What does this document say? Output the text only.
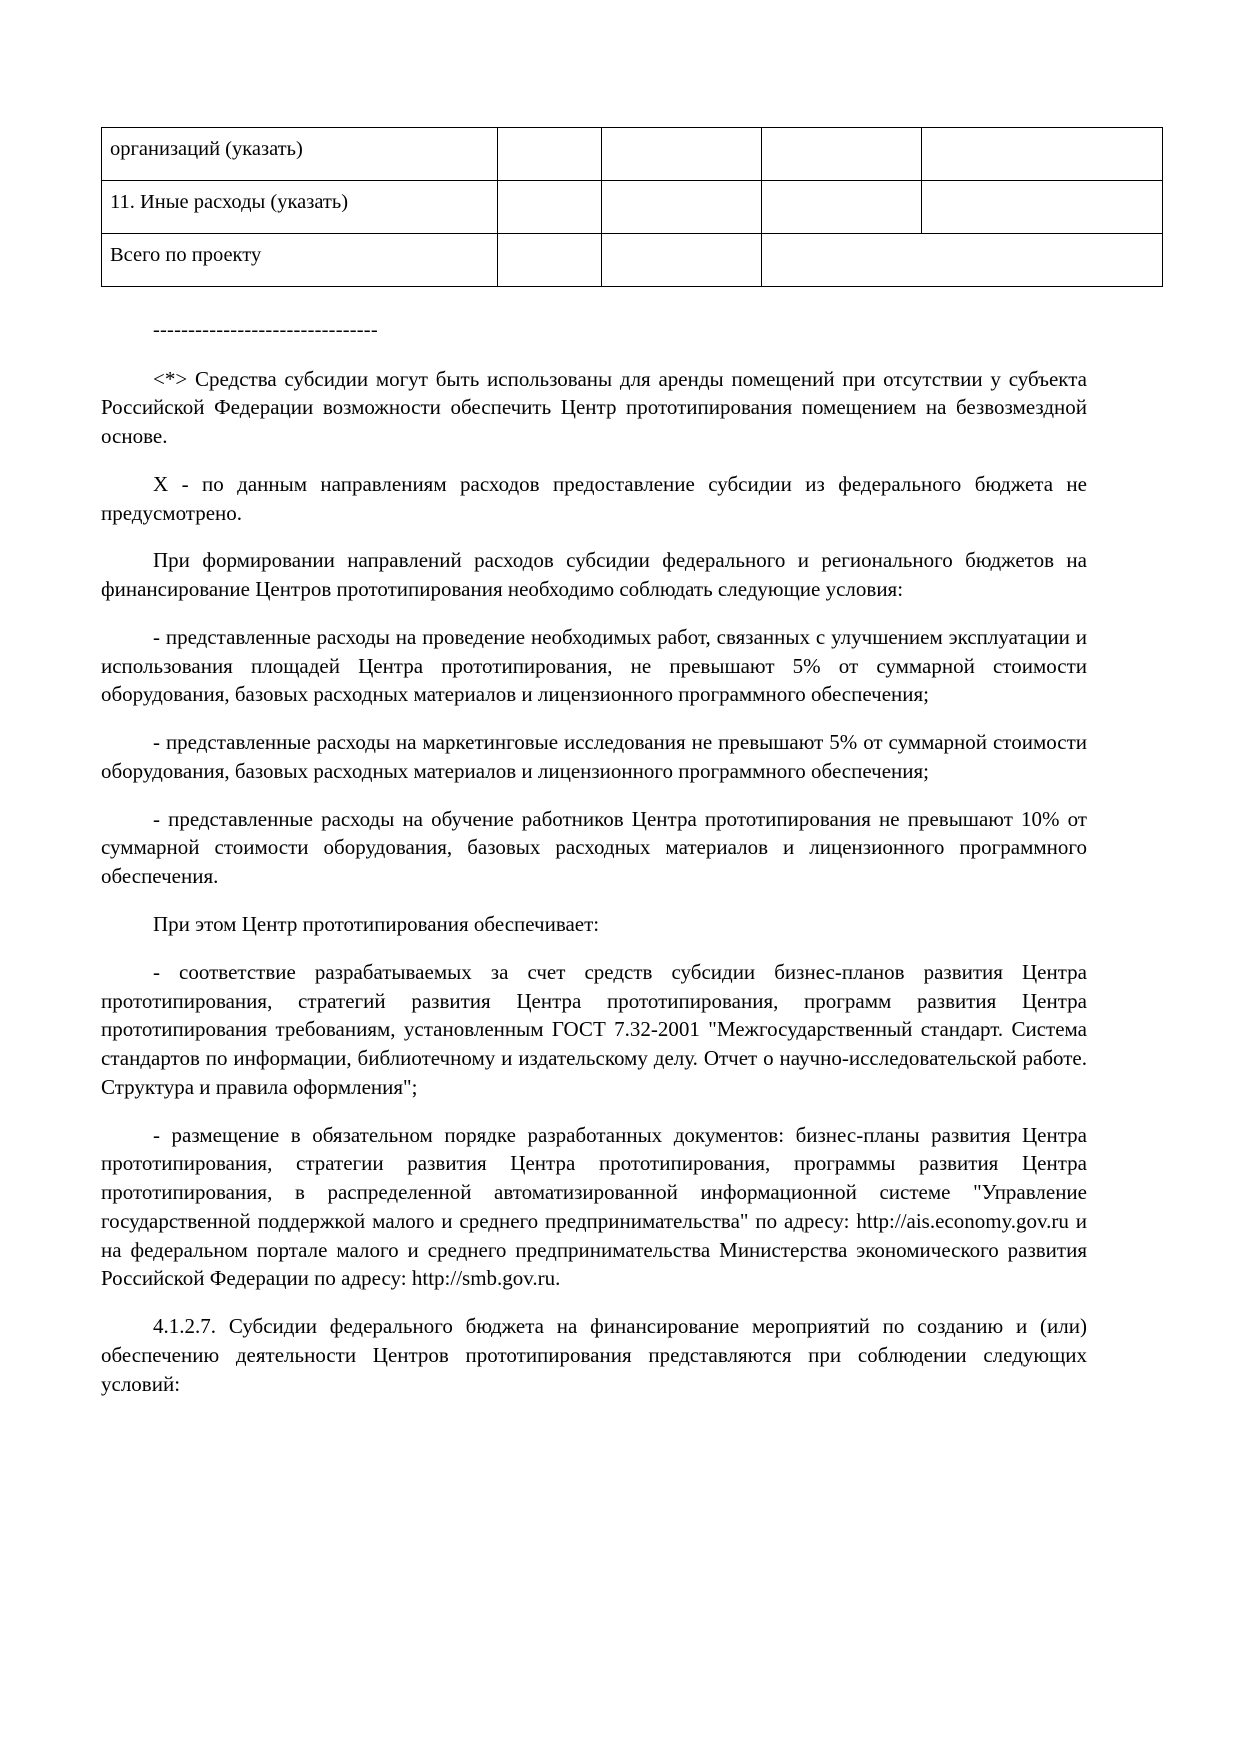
организаций (указать)				
11. Иные расходы (указать)				
Всего по проекту				
--------------------------------

<*> Средства субсидии могут быть использованы для аренды помещений при отсутствии у субъекта Российской Федерации возможности обеспечить Центр прототипирования помещением на безвозмездной основе.

X - по данным направлениям расходов предоставление субсидии из федерального бюджета не предусмотрено.

При формировании направлений расходов субсидии федерального и регионального бюджетов на финансирование Центров прототипирования необходимо соблюдать следующие условия:

- представленные расходы на проведение необходимых работ, связанных с улучшением эксплуатации и использования площадей Центра прототипирования, не превышают 5% от суммарной стоимости оборудования, базовых расходных материалов и лицензионного программного обеспечения;

- представленные расходы на маркетинговые исследования не превышают 5% от суммарной стоимости оборудования, базовых расходных материалов и лицензионного программного обеспечения;

- представленные расходы на обучение работников Центра прототипирования не превышают 10% от суммарной стоимости оборудования, базовых расходных материалов и лицензионного программного обеспечения.

При этом Центр прототипирования обеспечивает:

- соответствие разрабатываемых за счет средств субсидии бизнес-планов развития Центра прототипирования, стратегий развития Центра прототипирования, программ развития Центра прототипирования требованиям, установленным ГОСТ 7.32-2001 "Межгосударственный стандарт. Система стандартов по информации, библиотечному и издательскому делу. Отчет о научно-исследовательской работе. Структура и правила оформления";

- размещение в обязательном порядке разработанных документов: бизнес-планы развития Центра прототипирования, стратегии развития Центра прототипирования, программы развития Центра прототипирования, в распределенной автоматизированной информационной системе "Управление государственной поддержкой малого и среднего предпринимательства" по адресу: http://ais.economy.gov.ru и на федеральном портале малого и среднего предпринимательства Министерства экономического развития Российской Федерации по адресу: http://smb.gov.ru.

4.1.2.7. Субсидии федерального бюджета на финансирование мероприятий по созданию и (или) обеспечению деятельности Центров прототипирования представляются при соблюдении следующих условий:
